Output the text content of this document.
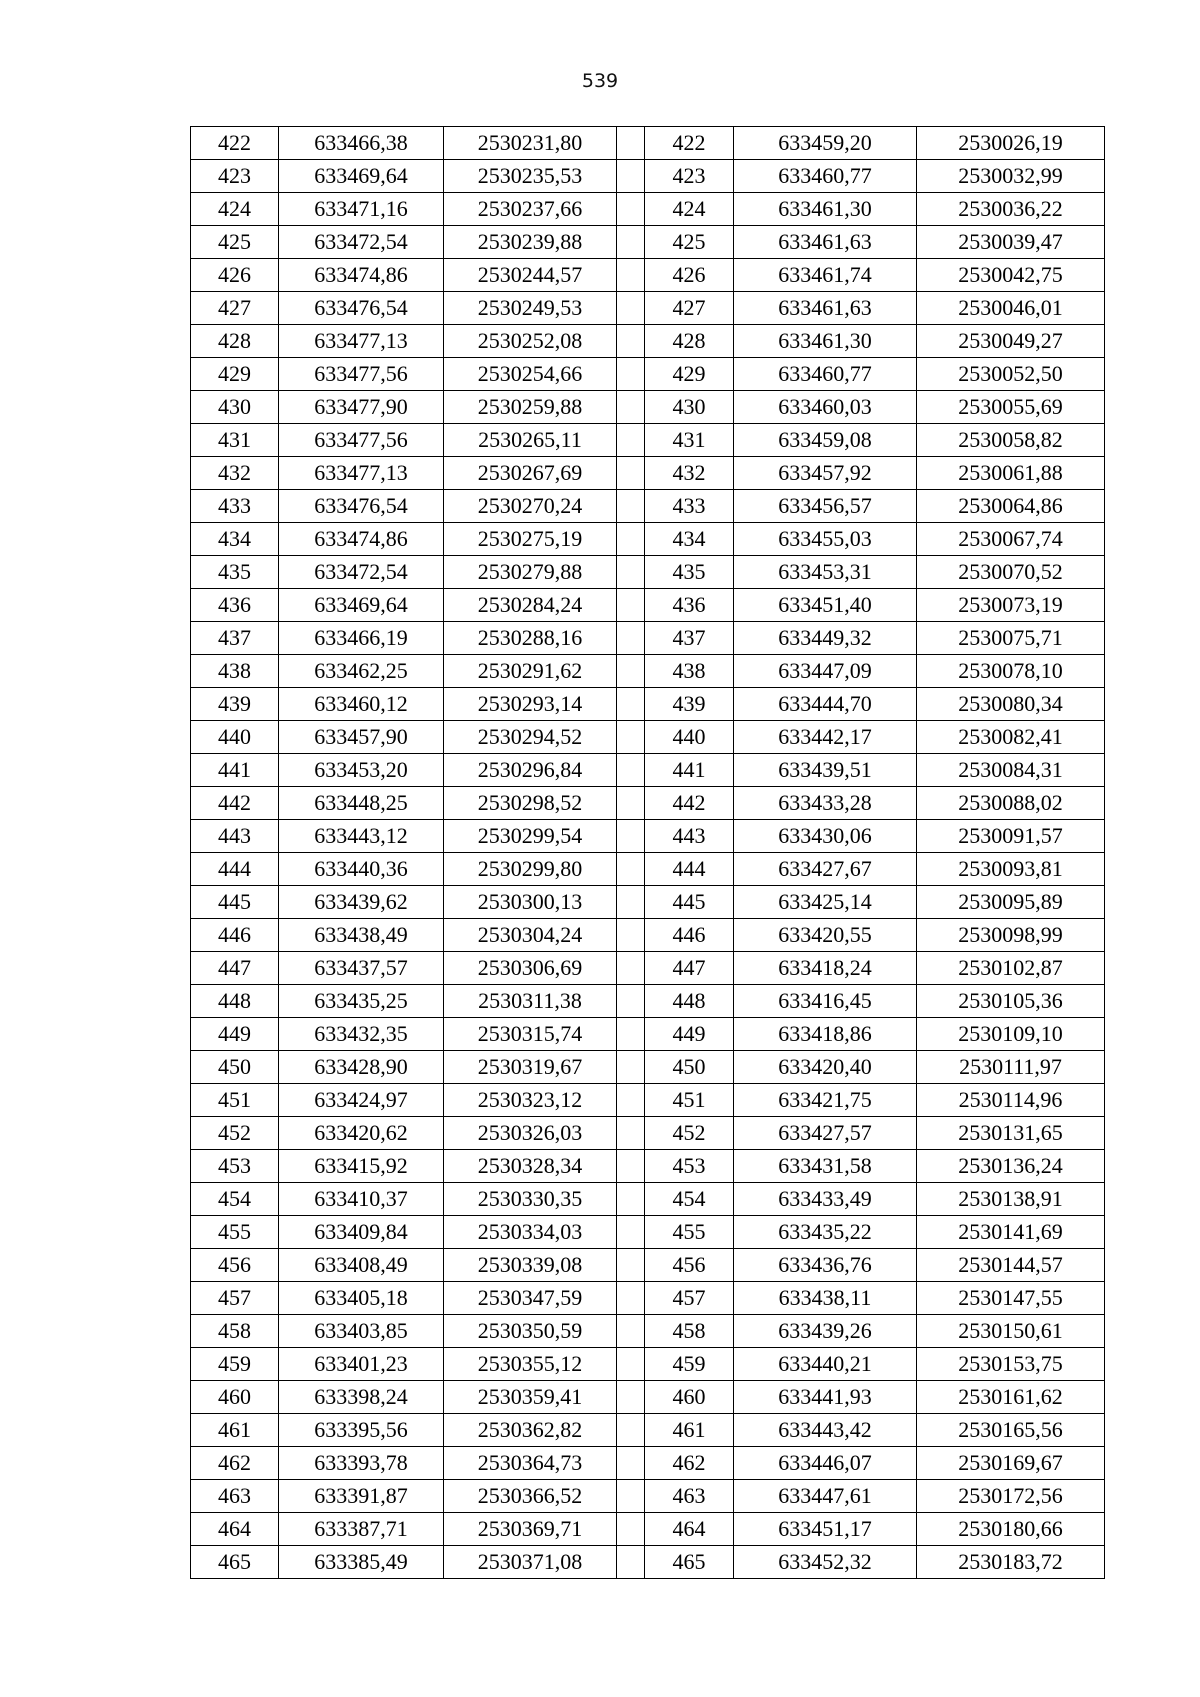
539
422	633466,38	2530231,80		422	633459,20	2530026,19
423	633469,64	2530235,53		423	633460,77	2530032,99
424	633471,16	2530237,66		424	633461,30	2530036,22
425	633472,54	2530239,88		425	633461,63	2530039,47
426	633474,86	2530244,57		426	633461,74	2530042,75
427	633476,54	2530249,53		427	633461,63	2530046,01
428	633477,13	2530252,08		428	633461,30	2530049,27
429	633477,56	2530254,66		429	633460,77	2530052,50
430	633477,90	2530259,88		430	633460,03	2530055,69
431	633477,56	2530265,11		431	633459,08	2530058,82
432	633477,13	2530267,69		432	633457,92	2530061,88
433	633476,54	2530270,24		433	633456,57	2530064,86
434	633474,86	2530275,19		434	633455,03	2530067,74
435	633472,54	2530279,88		435	633453,31	2530070,52
436	633469,64	2530284,24		436	633451,40	2530073,19
437	633466,19	2530288,16		437	633449,32	2530075,71
438	633462,25	2530291,62		438	633447,09	2530078,10
439	633460,12	2530293,14		439	633444,70	2530080,34
440	633457,90	2530294,52		440	633442,17	2530082,41
441	633453,20	2530296,84		441	633439,51	2530084,31
442	633448,25	2530298,52		442	633433,28	2530088,02
443	633443,12	2530299,54		443	633430,06	2530091,57
444	633440,36	2530299,80		444	633427,67	2530093,81
445	633439,62	2530300,13		445	633425,14	2530095,89
446	633438,49	2530304,24		446	633420,55	2530098,99
447	633437,57	2530306,69		447	633418,24	2530102,87
448	633435,25	2530311,38		448	633416,45	2530105,36
449	633432,35	2530315,74		449	633418,86	2530109,10
450	633428,90	2530319,67		450	633420,40	2530111,97
451	633424,97	2530323,12		451	633421,75	2530114,96
452	633420,62	2530326,03		452	633427,57	2530131,65
453	633415,92	2530328,34		453	633431,58	2530136,24
454	633410,37	2530330,35		454	633433,49	2530138,91
455	633409,84	2530334,03		455	633435,22	2530141,69
456	633408,49	2530339,08		456	633436,76	2530144,57
457	633405,18	2530347,59		457	633438,11	2530147,55
458	633403,85	2530350,59		458	633439,26	2530150,61
459	633401,23	2530355,12		459	633440,21	2530153,75
460	633398,24	2530359,41		460	633441,93	2530161,62
461	633395,56	2530362,82		461	633443,42	2530165,56
462	633393,78	2530364,73		462	633446,07	2530169,67
463	633391,87	2530366,52		463	633447,61	2530172,56
464	633387,71	2530369,71		464	633451,17	2530180,66
465	633385,49	2530371,08		465	633452,32	2530183,72
